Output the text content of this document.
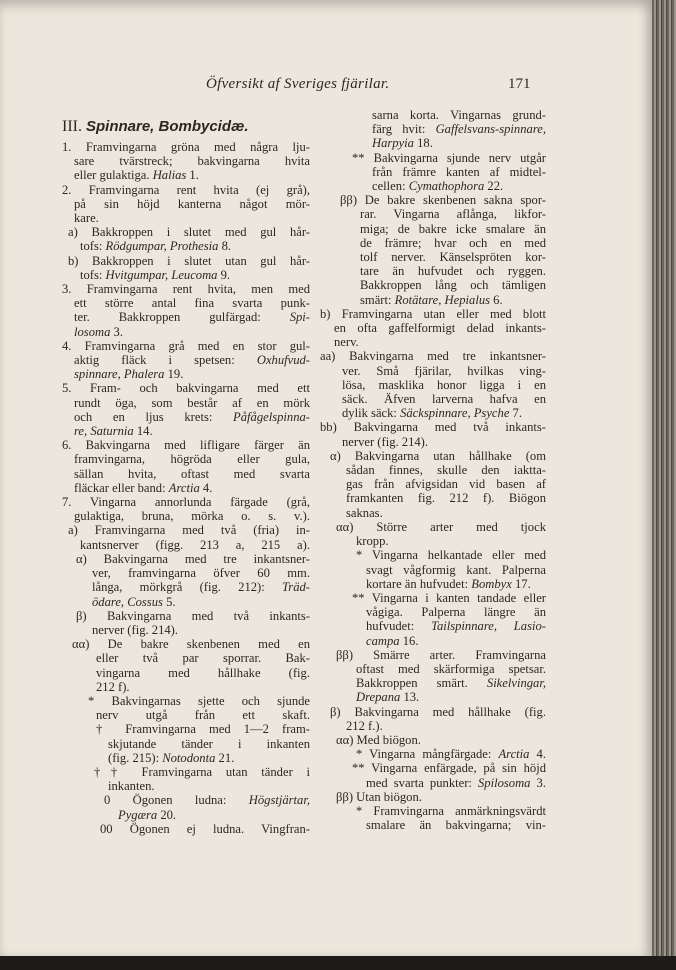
Öfversikt af Sveriges fjärilar.	171
III. Spinnare, Bombycidæ.
1. Framvingarna gröna med några lju-
sare tvärstreck; bakvingarna hvita
eller gulaktiga. Halias 1.
2. Framvingarna rent hvita (ej grå),
på sin höjd kanterna något mör-
kare.
a) Bakkroppen i slutet med gul hår-
tofs: Rödgumpar, Prothesia 8.
b) Bakkroppen i slutet utan gul hår-
tofs: Hvitgumpar, Leucoma 9.
3. Framvingarna rent hvita, men med
ett större antal fina svarta punk-
ter. Bakkroppen gulfärgad: Spi-
losoma 3.
4. Framvingarna grå med en stor gul-
aktig fläck i spetsen: Oxhufvud-
spinnare, Phalera 19.
5. Fram- och bakvingarna med ett
rundt öga, som består af en mörk
och en ljus krets: Påfågelspinna-
re, Saturnia 14.
6. Bakvingarna med lifligare färger än
framvingarna, högröda eller gula,
sällan hvita, oftast med svarta
fläckar eller band: Arctia 4.
7. Vingarna annorlunda färgade (grå,
gulaktiga, bruna, mörka o. s. v.).
a) Framvingarna med två (fria) in-
kantsnerver (figg. 213 a, 215 a).
α) Bakvingarna med tre inkantsner-
ver, framvingarna öfver 60 mm.
långa, mörkgrå (fig. 212): Träd-
ödare, Cossus 5.
β) Bakvingarna med två inkants-
nerver (fig. 214).
αα) De bakre skenbenen med en
eller två par sporrar. Bak-
vingarna med hållhake (fig.
212 f).
* Bakvingarnas sjette och sjunde
nerv utgå från ett skaft.
† Framvingarna med 1—2 fram-
skjutande tänder i inkanten
(fig. 215): Notodonta 21.
†† Framvingarna utan tänder i
inkanten.
0 Ögonen ludna: Högstjärtar,
Pygæra 20.
00 Ögonen ej ludna. Vingfran-
sarna korta. Vingarnas grund-
färg hvit: Gaffelsvans-spinnare,
Harpyia 18.
** Bakvingarna sjunde nerv utgår
från främre kanten af midtel-
cellen: Cymathophora 22.
ββ) De bakre skenbenen sakna spor-
rar. Vingarna aflånga, likfor-
miga; de bakre icke smalare än
de främre; hvar och en med
tolf nerver. Känselspröten kor-
tare än hufvudet och ryggen.
Bakkroppen lång och tämligen
smärt: Rotätare, Hepialus 6.
b) Framvingarna utan eller med blott
en ofta gaffelformigt delad inkants-
nerv.
aa) Bakvingarna med tre inkantsner-
ver. Små fjärilar, hvilkas ving-
lösa, masklika honor ligga i en
säck. Äfven larverna hafva en
dylik säck: Säckspinnare, Psyche 7.
bb) Bakvingarna med två inkants-
nerver (fig. 214).
α) Bakvingarna utan hållhake (om
sådan finnes, skulle den iaktta-
gas från afvigsidan vid basen af
framkanten fig. 212 f). Biögon
saknas.
αα) Större arter med tjock
kropp.
* Vingarna helkantade eller med
svagt vågformig kant. Palperna
kortare än hufvudet: Bombyx 17.
** Vingarna i kanten tandade eller
vågiga. Palperna längre än
hufvudet: Tailspinnare, Lasio-
campa 16.
ββ) Smärre arter. Framvingarna
oftast med skärformiga spetsar.
Bakkroppen smärt. Sikelvingar,
Drepana 13.
β) Bakvingarna med hållhake (fig.
212 f.).
αα) Med biögon.
* Vingarna mångfärgade: Arctia 4.
** Vingarna enfärgade, på sin höjd
med svarta punkter: Spilosoma 3.
ββ) Utan biögon.
* Framvingarna anmärkningsvärdt
smalare än bakvingarna; vin-
